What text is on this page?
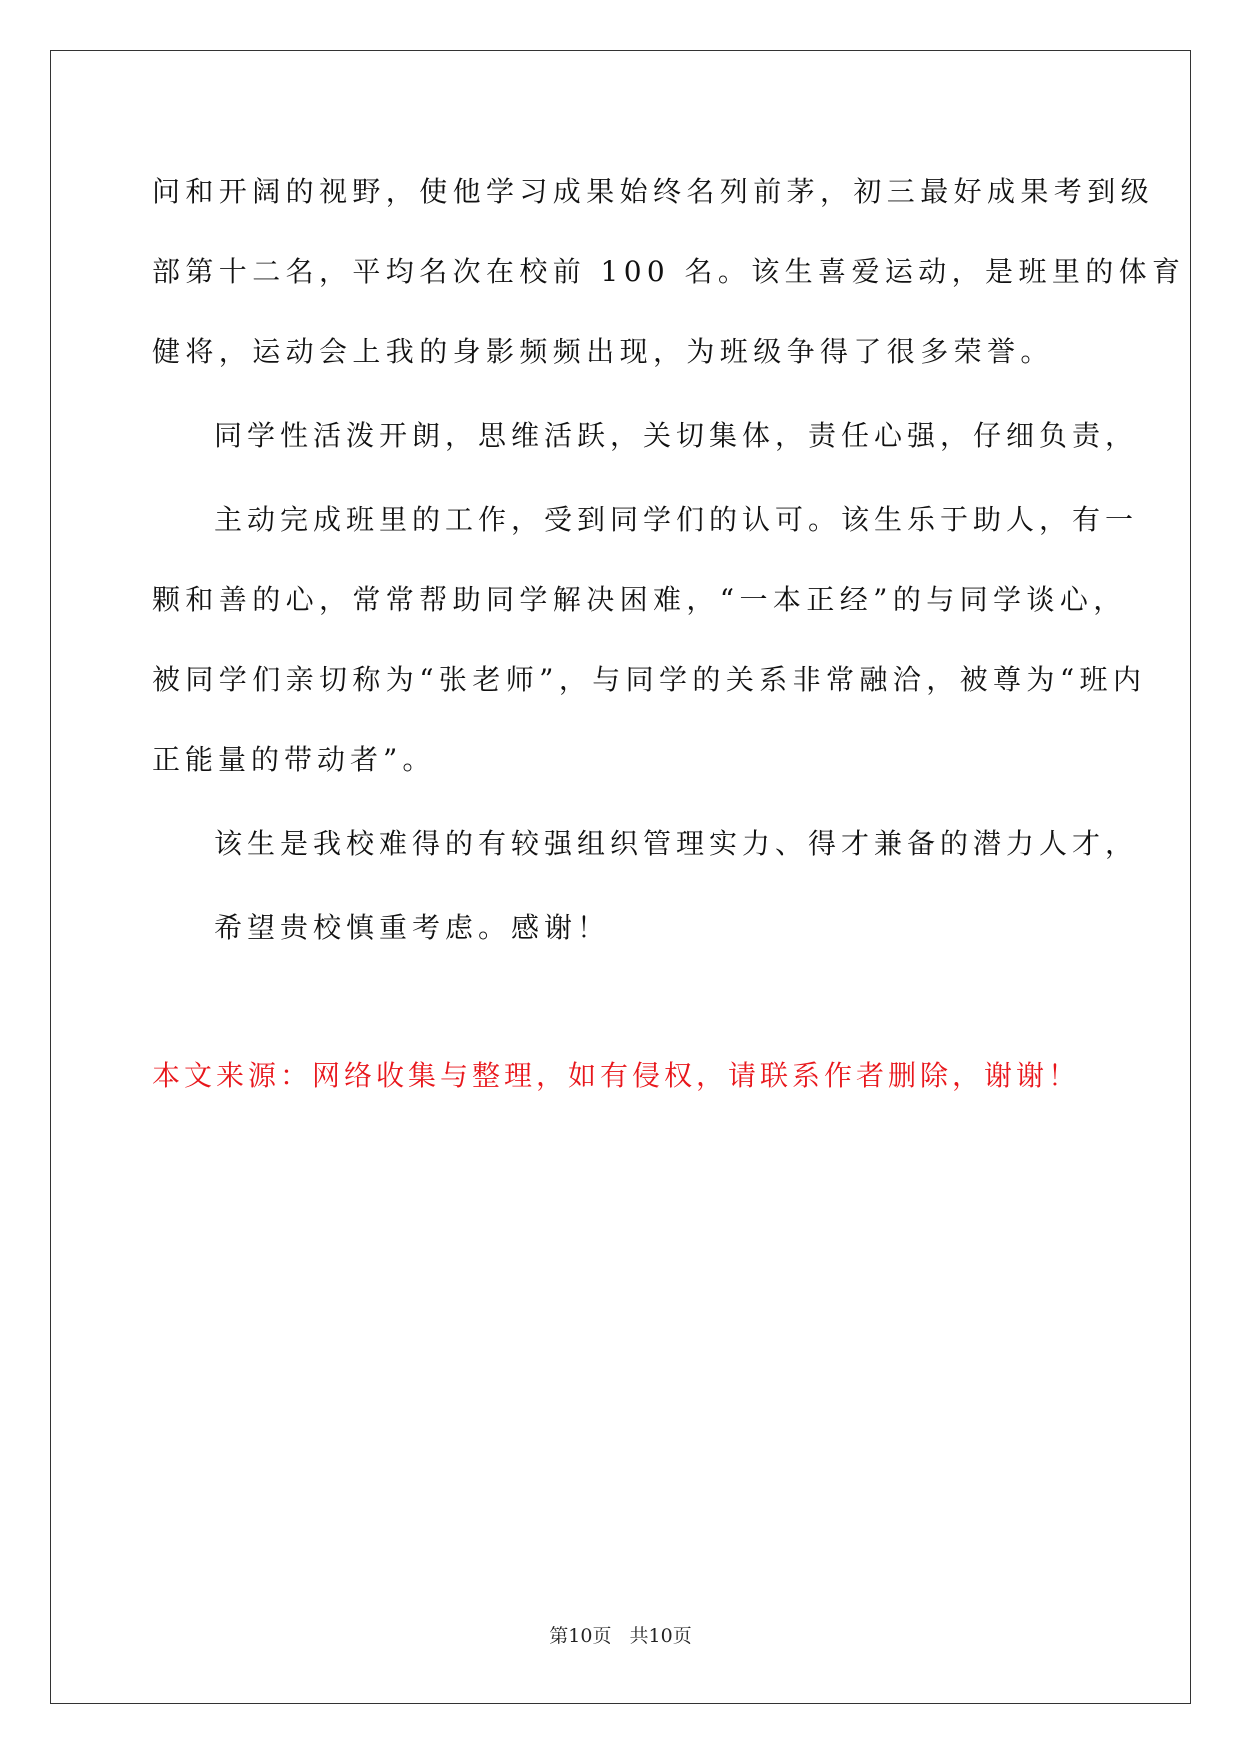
问和开阔的视野，使他学习成果始终名列前茅，初三最好成果考到级
部第十二名，平均名次在校前 100 名。该生喜爱运动，是班里的体育
健将，运动会上我的身影频频出现，为班级争得了很多荣誉。
同学性活泼开朗，思维活跃，关切集体，责任心强，仔细负责，
主动完成班里的工作，受到同学们的认可。该生乐于助人，有一
颗和善的心，常常帮助同学解决困难，“一本正经”的与同学谈心，
被同学们亲切称为“张老师”，与同学的关系非常融洽，被尊为“班内
正能量的带动者”。
该生是我校难得的有较强组织管理实力、得才兼备的潜力人才，
希望贵校慎重考虑。感谢！
本文来源：网络收集与整理，如有侵权，请联系作者删除，谢谢！
第10页 共10页
